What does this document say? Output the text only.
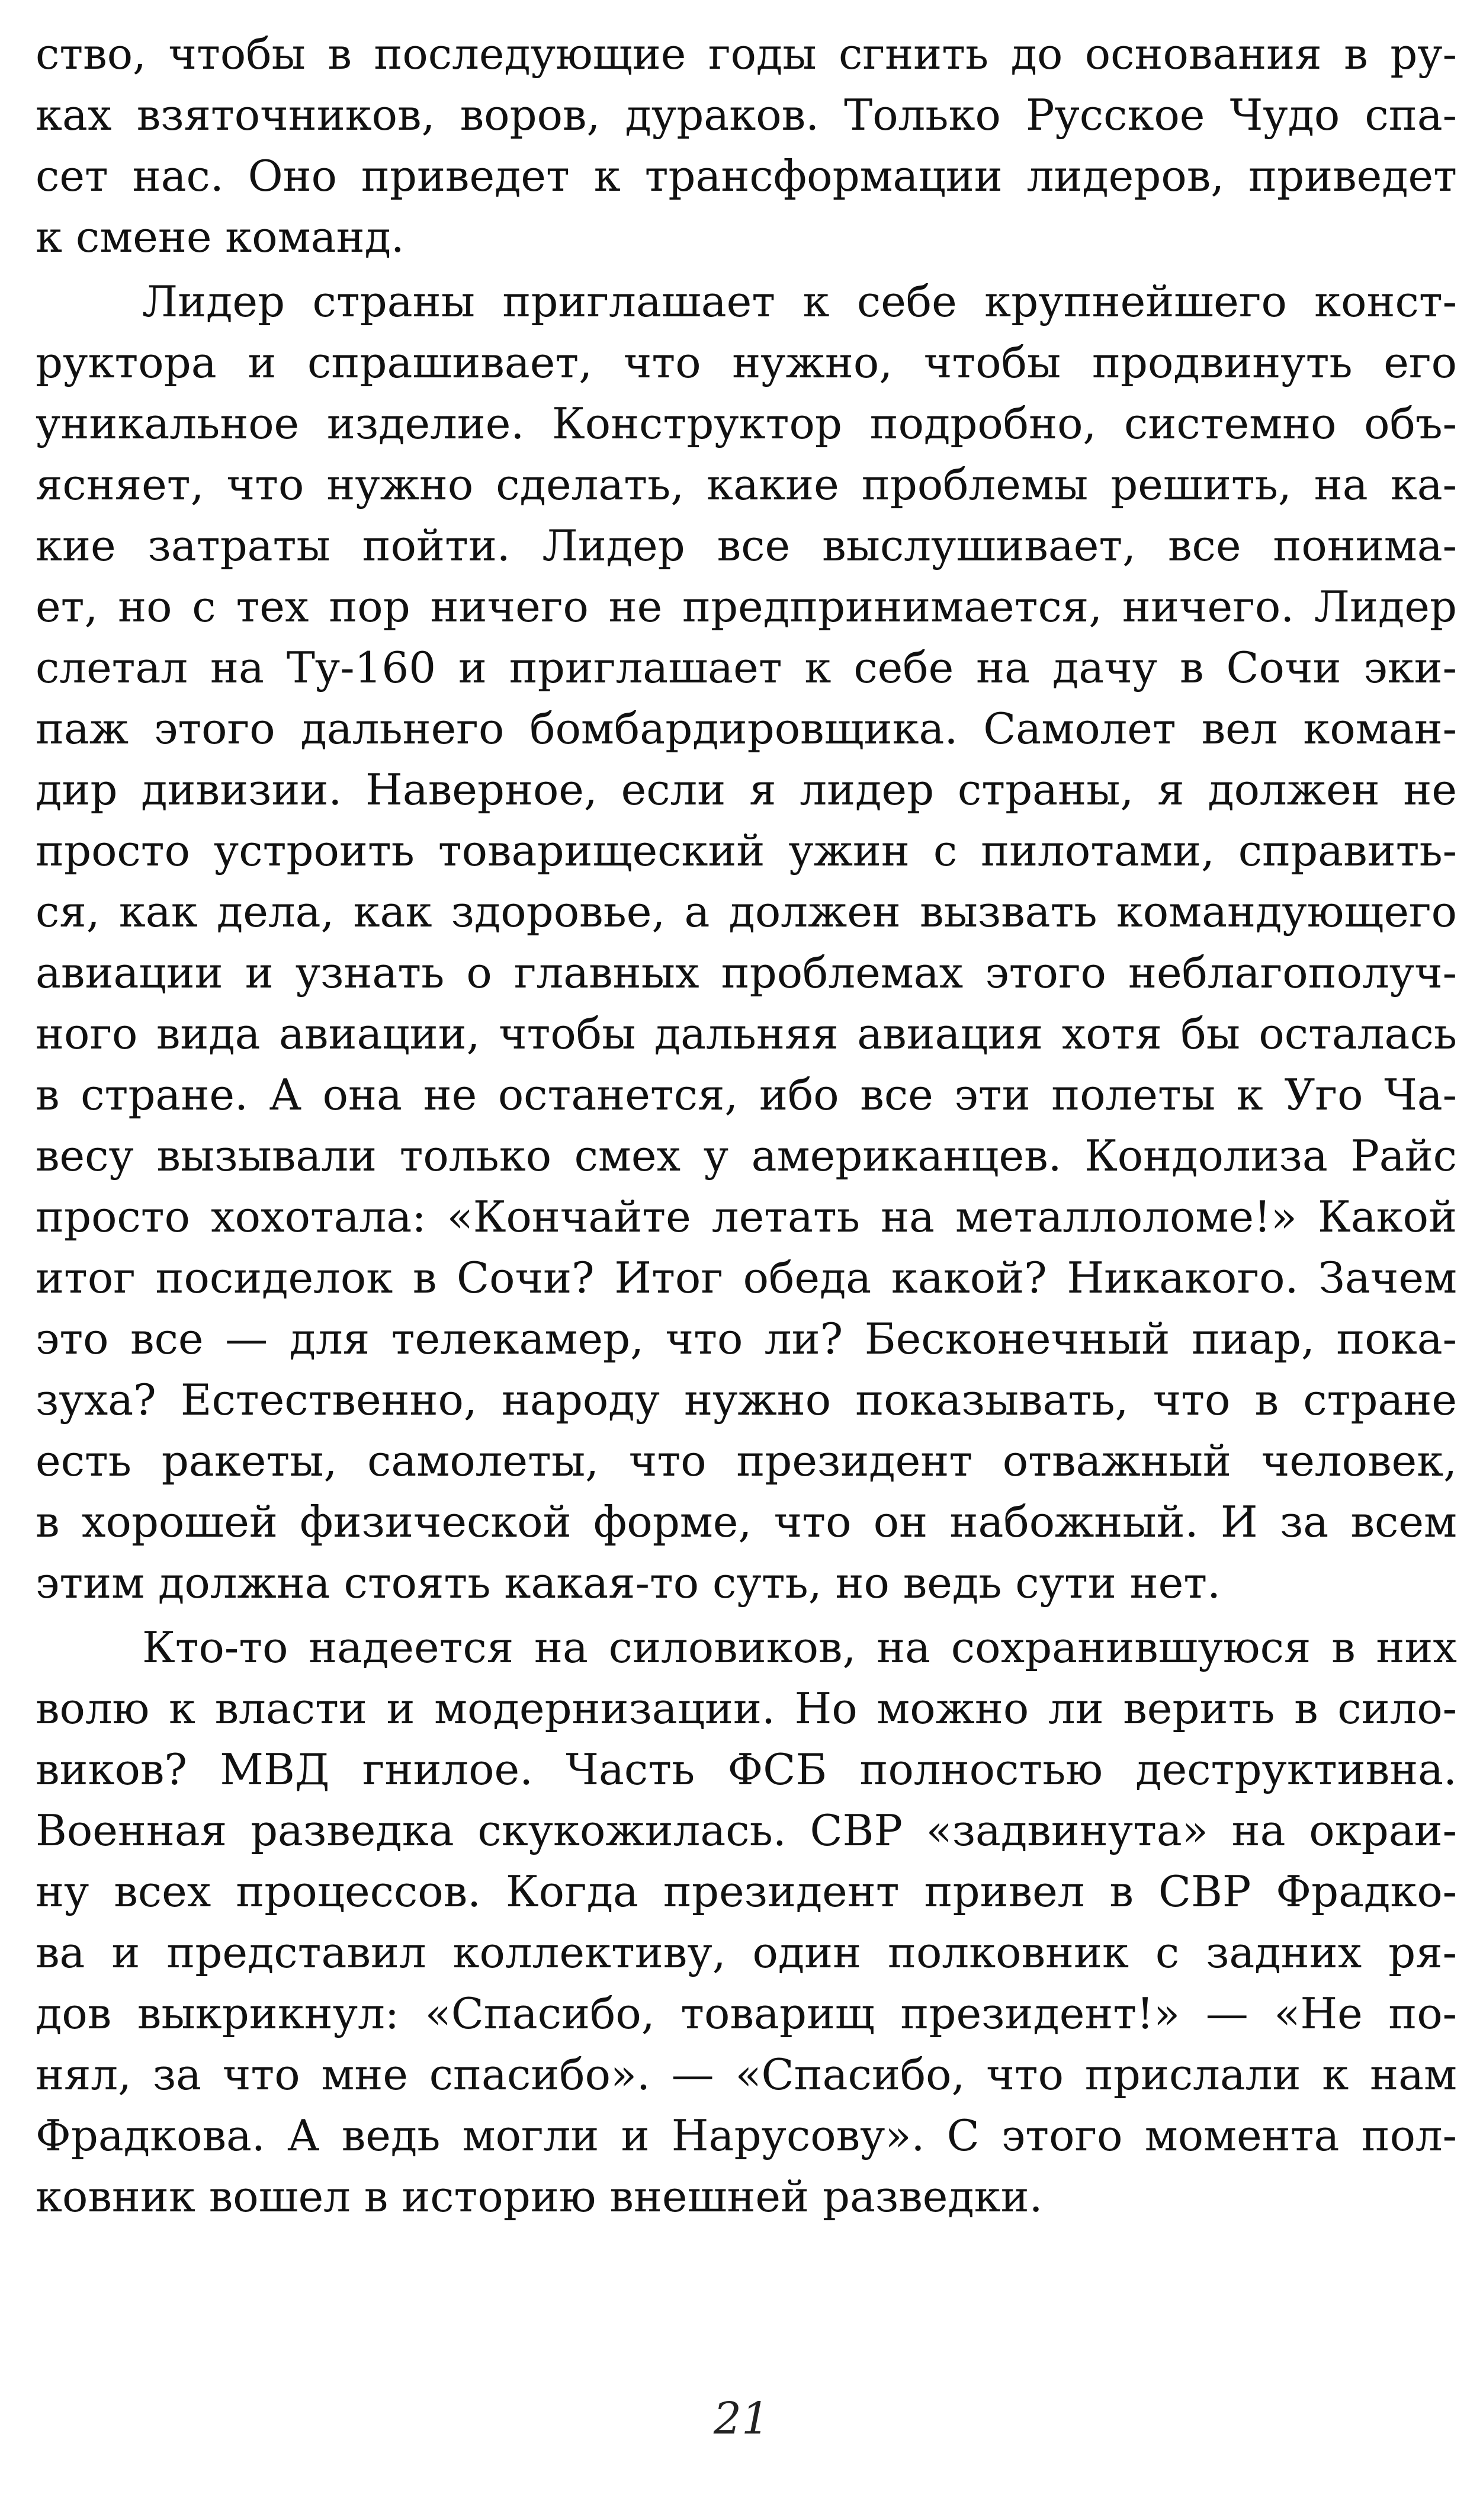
ство, чтобы в последующие годы сгнить до основания в ру-
ках взяточников, воров, дураков. Только Русское Чудо спа-
сет нас. Оно приведет к трансформации лидеров, приведет
к смене команд.
Лидер страны приглашает к себе крупнейшего конст-
руктора и спрашивает, что нужно, чтобы продвинуть его
уникальное изделие. Конструктор подробно, системно объ-
ясняет, что нужно сделать, какие проблемы решить, на ка-
кие затраты пойти. Лидер все выслушивает, все понима-
ет, но с тех пор ничего не предпринимается, ничего. Лидер
слетал на Ту-160 и приглашает к себе на дачу в Сочи эки-
паж этого дальнего бомбардировщика. Самолет вел коман-
дир дивизии. Наверное, если я лидер страны, я должен не
просто устроить товарищеский ужин с пилотами, справить-
ся, как дела, как здоровье, а должен вызвать командующего
авиации и узнать о главных проблемах этого неблагополуч-
ного вида авиации, чтобы дальняя авиация хотя бы осталась
в стране. А она не останется, ибо все эти полеты к Уго Ча-
весу вызывали только смех у американцев. Кондолиза Райс
просто хохотала: «Кончайте летать на металлоломе!» Какой
итог посиделок в Сочи? Итог обеда какой? Никакого. Зачем
это все — для телекамер, что ли? Бесконечный пиар, пока-
зуха? Естественно, народу нужно показывать, что в стране
есть ракеты, самолеты, что президент отважный человек,
в хорошей физической форме, что он набожный. И за всем
этим должна стоять какая-то суть, но ведь сути нет.
Кто-то надеется на силовиков, на сохранившуюся в них
волю к власти и модернизации. Но можно ли верить в сило-
виков? МВД гнилое. Часть ФСБ полностью деструктивна.
Военная разведка скукожилась. СВР «задвинута» на окраи-
ну всех процессов. Когда президент привел в СВР Фрадко-
ва и представил коллективу, один полковник с задних ря-
дов выкрикнул: «Спасибо, товарищ президент!» — «Не по-
нял, за что мне спасибо». — «Спасибо, что прислали к нам
Фрадкова. А ведь могли и Нарусову». С этого момента пол-
ковник вошел в историю внешней разведки.
21
